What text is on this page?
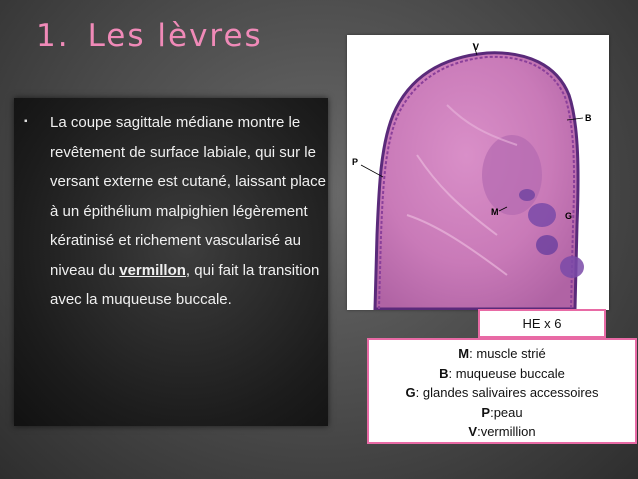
1. Les lèvres
▪ La coupe sagittale médiane montre le revêtement de surface labiale, qui sur le versant externe est cutané, laissant place à un épithélium malpighien légèrement kératinisé et richement vascularisé au niveau du vermillon, qui fait la transition avec la muqueuse buccale.
V
B
P
M	G
HE x 6
M: muscle strié
B: muqueuse buccale
G: glandes salivaires accessoires
P:peau
V:vermillion
